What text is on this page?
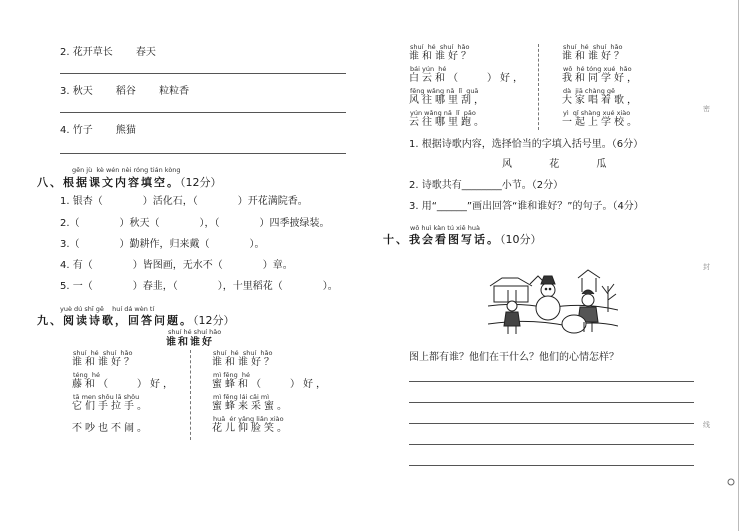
2. 花开草长 春天
3. 秋天 稻谷 粒粒香
4. 竹子 熊猫
gēn jù  kè wén nèi róng tián kòng
八、根据课文内容填空。（12分）
1. 银杏（　　　　）活化石，（　　　　）开花满院香。
2.（　　　　）秋天（　　　　），（　　　　）四季披绿装。
3.（　　　　）勤耕作，归来戴（　　　　）。
4. 有（　　　　）皆图画，无水不（　　　　）章。
5. 一（　　　　）春韭，（　　　　），十里稻花（　　　　）。
yuè dú shī gē    huí dá wèn tí
九、阅读诗歌，回答问题。（12分）
shuí hé shuí hǎo
谁和谁好
shuí  hé  shuí  hǎo
谁和谁好？
téng  hé
藤和（　　）好，
tā men shǒu lā shǒu
它们手拉手。
不吵也不闹。
shuí  hé  shuí  hǎo
谁和谁好？
mì fēng  hé
蜜蜂和（　　）好，
mì fēng lái cǎi mì
蜜蜂来采蜜。
huā  ér yǎng liǎn xiào
花儿仰脸笑。
shuí  hé  shuí  hǎo
谁和谁好？
bái yún  hé
白云和（　　）好，
fēng wǎng nǎ  lǐ  guā
风往哪里刮，
yún wǎng nǎ  lǐ  pǎo
云往哪里跑。
shuí  hé  shuí  hǎo
谁和谁好？
wǒ  hé tóng xué  hǎo
我和同学好，
dà  jiā chàng gē
大家唱着歌，
yì  qǐ shàng xué xiào
一起上学校。
1. 根据诗歌内容，选择恰当的字填入括号里。（6分）
风	花	瓜
2. 诗歌共有________小节。（2分）
3. 用“______”画出回答“谁和谁好？”的句子。（4分）
wǒ huì kàn tú xiě huà
十、我会看图写话。（10分）
图上都有谁？他们在干什么？他们的心情怎样？
密
封
线
